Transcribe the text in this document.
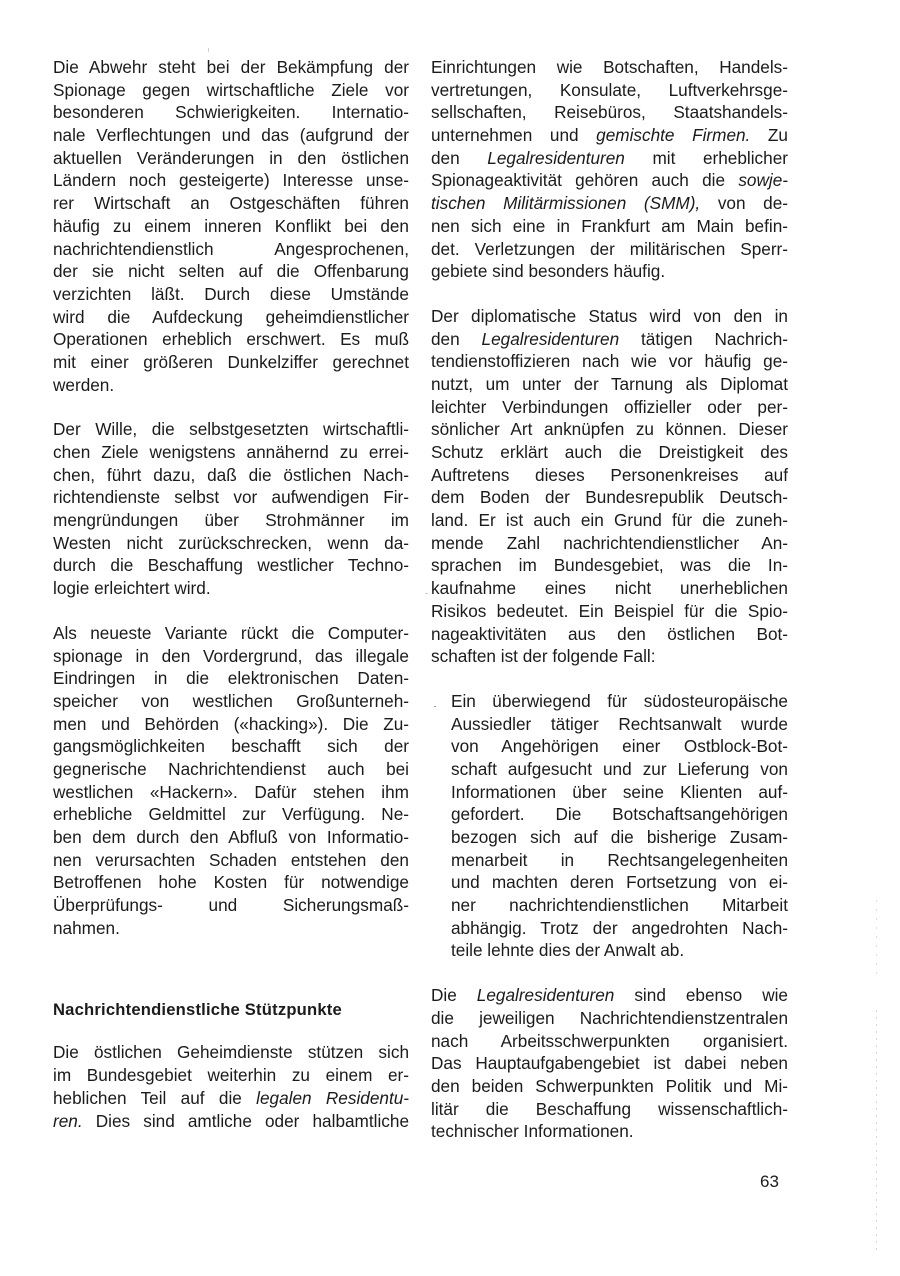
Die Abwehr steht bei der Bekämpfung der
Spionage gegen wirtschaftliche Ziele vor
besonderen Schwierigkeiten. Internatio-
nale Verflechtungen und das (aufgrund der
aktuellen Veränderungen in den östlichen
Ländern noch gesteigerte) Interesse unse-
rer Wirtschaft an Ostgeschäften führen
häufig zu einem inneren Konflikt bei den
nachrichtendienstlich Angesprochenen,
der sie nicht selten auf die Offenbarung
verzichten läßt. Durch diese Umstände
wird die Aufdeckung geheimdienstlicher
Operationen erheblich erschwert. Es muß
mit einer größeren Dunkelziffer gerechnet
werden.
Der Wille, die selbstgesetzten wirtschaftli-
chen Ziele wenigstens annähernd zu errei-
chen, führt dazu, daß die östlichen Nach-
richtendienste selbst vor aufwendigen Fir-
mengründungen über Strohmänner im
Westen nicht zurückschrecken, wenn da-
durch die Beschaffung westlicher Techno-
logie erleichtert wird.
Als neueste Variante rückt die Computer-
spionage in den Vordergrund, das illegale
Eindringen in die elektronischen Daten-
speicher von westlichen Großunterneh-
men und Behörden («hacking»). Die Zu-
gangsmöglichkeiten beschafft sich der
gegnerische Nachrichtendienst auch bei
westlichen «Hackern». Dafür stehen ihm
erhebliche Geldmittel zur Verfügung. Ne-
ben dem durch den Abfluß von Informatio-
nen verursachten Schaden entstehen den
Betroffenen hohe Kosten für notwendige
Überprüfungs- und Sicherungsmaß-
nahmen.
Nachrichtendienstliche Stützpunkte
Die östlichen Geheimdienste stützen sich
im Bundesgebiet weiterhin zu einem er-
heblichen Teil auf die legalen Residentu-
ren. Dies sind amtliche oder halbamtliche
Einrichtungen wie Botschaften, Handels-
vertretungen, Konsulate, Luftverkehrsge-
sellschaften, Reisebüros, Staatshandels-
unternehmen und gemischte Firmen. Zu
den Legalresidenturen mit erheblicher
Spionageaktivität gehören auch die sowje-
tischen Militärmissionen (SMM), von de-
nen sich eine in Frankfurt am Main befin-
det. Verletzungen der militärischen Sperr-
gebiete sind besonders häufig.
Der diplomatische Status wird von den in
den Legalresidenturen tätigen Nachrich-
tendienstoffizieren nach wie vor häufig ge-
nutzt, um unter der Tarnung als Diplomat
leichter Verbindungen offizieller oder per-
sönlicher Art anknüpfen zu können. Dieser
Schutz erklärt auch die Dreistigkeit des
Auftretens dieses Personenkreises auf
dem Boden der Bundesrepublik Deutsch-
land. Er ist auch ein Grund für die zuneh-
mende Zahl nachrichtendienstlicher An-
sprachen im Bundesgebiet, was die In-
kaufnahme eines nicht unerheblichen
Risikos bedeutet. Ein Beispiel für die Spio-
nageaktivitäten aus den östlichen Bot-
schaften ist der folgende Fall:
Ein überwiegend für südosteuropäische
Aussiedler tätiger Rechtsanwalt wurde
von Angehörigen einer Ostblock-Bot-
schaft aufgesucht und zur Lieferung von
Informationen über seine Klienten auf-
gefordert. Die Botschaftsangehörigen
bezogen sich auf die bisherige Zusam-
menarbeit in Rechtsangelegenheiten
und machten deren Fortsetzung von ei-
ner nachrichtendienstlichen Mitarbeit
abhängig. Trotz der angedrohten Nach-
teile lehnte dies der Anwalt ab.
Die Legalresidenturen sind ebenso wie
die jeweiligen Nachrichtendienstzentralen
nach Arbeitsschwerpunkten organisiert.
Das Hauptaufgabengebiet ist dabei neben
den beiden Schwerpunkten Politik und Mi-
litär die Beschaffung wissenschaftlich-
technischer Informationen.
63
